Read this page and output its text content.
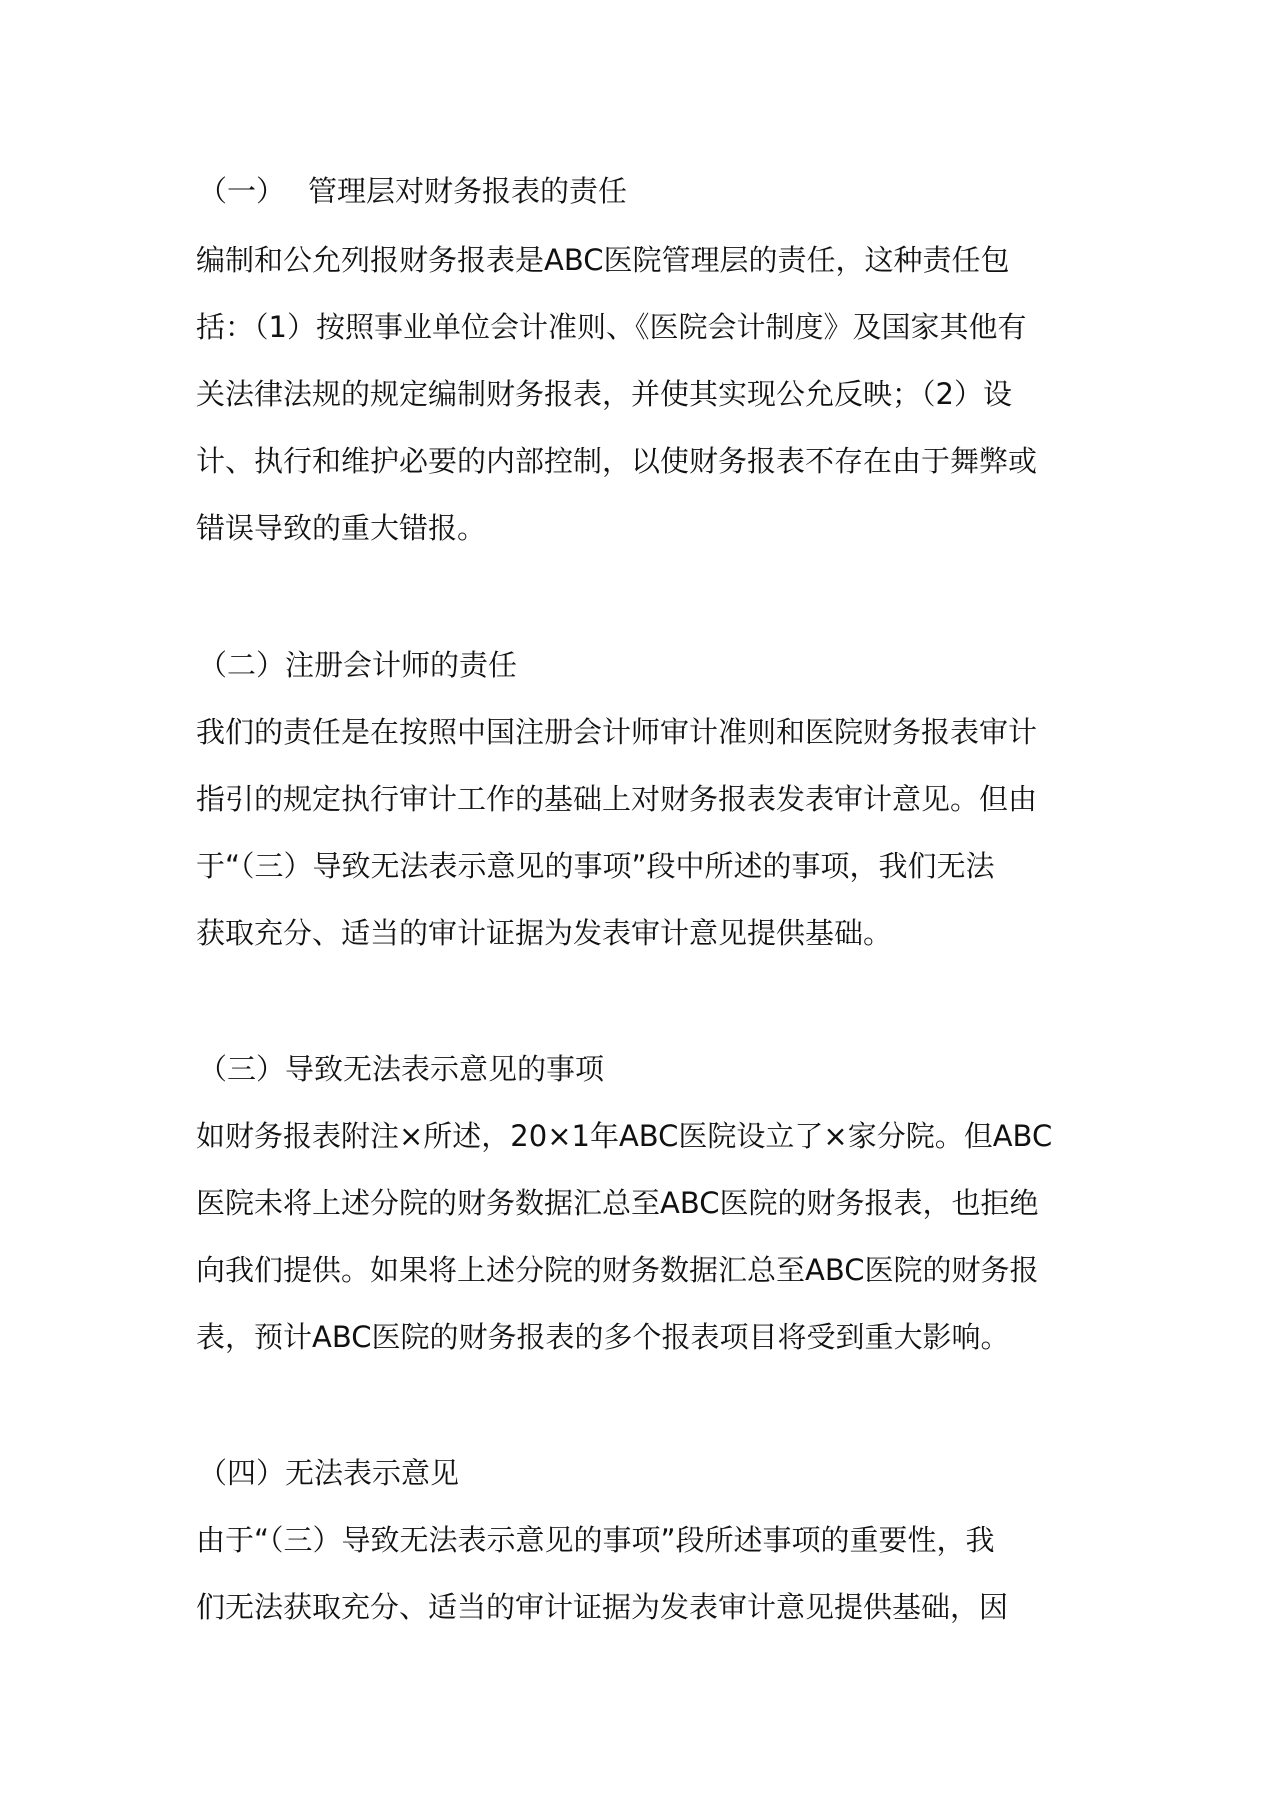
（一） 管理层对财务报表的责任
编制和公允列报财务报表是ABC医院管理层的责任，这种责任包
括：（1）按照事业单位会计准则、《医院会计制度》及国家其他有
关法律法规的规定编制财务报表，并使其实现公允反映；（2）设
计、执行和维护必要的内部控制，以使财务报表不存在由于舞弊或
错误导致的重大错报。
（二）注册会计师的责任
我们的责任是在按照中国注册会计师审计准则和医院财务报表审计
指引的规定执行审计工作的基础上对财务报表发表审计意见。但由
于“（三）导致无法表示意见的事项”段中所述的事项，我们无法
获取充分、适当的审计证据为发表审计意见提供基础。
（三）导致无法表示意见的事项
如财务报表附注×所述，20×1年ABC医院设立了×家分院。但ABC
医院未将上述分院的财务数据汇总至ABC医院的财务报表，也拒绝
向我们提供。如果将上述分院的财务数据汇总至ABC医院的财务报
表，预计ABC医院的财务报表的多个报表项目将受到重大影响。
（四）无法表示意见
由于“（三）导致无法表示意见的事项”段所述事项的重要性，我
们无法获取充分、适当的审计证据为发表审计意见提供基础，因
